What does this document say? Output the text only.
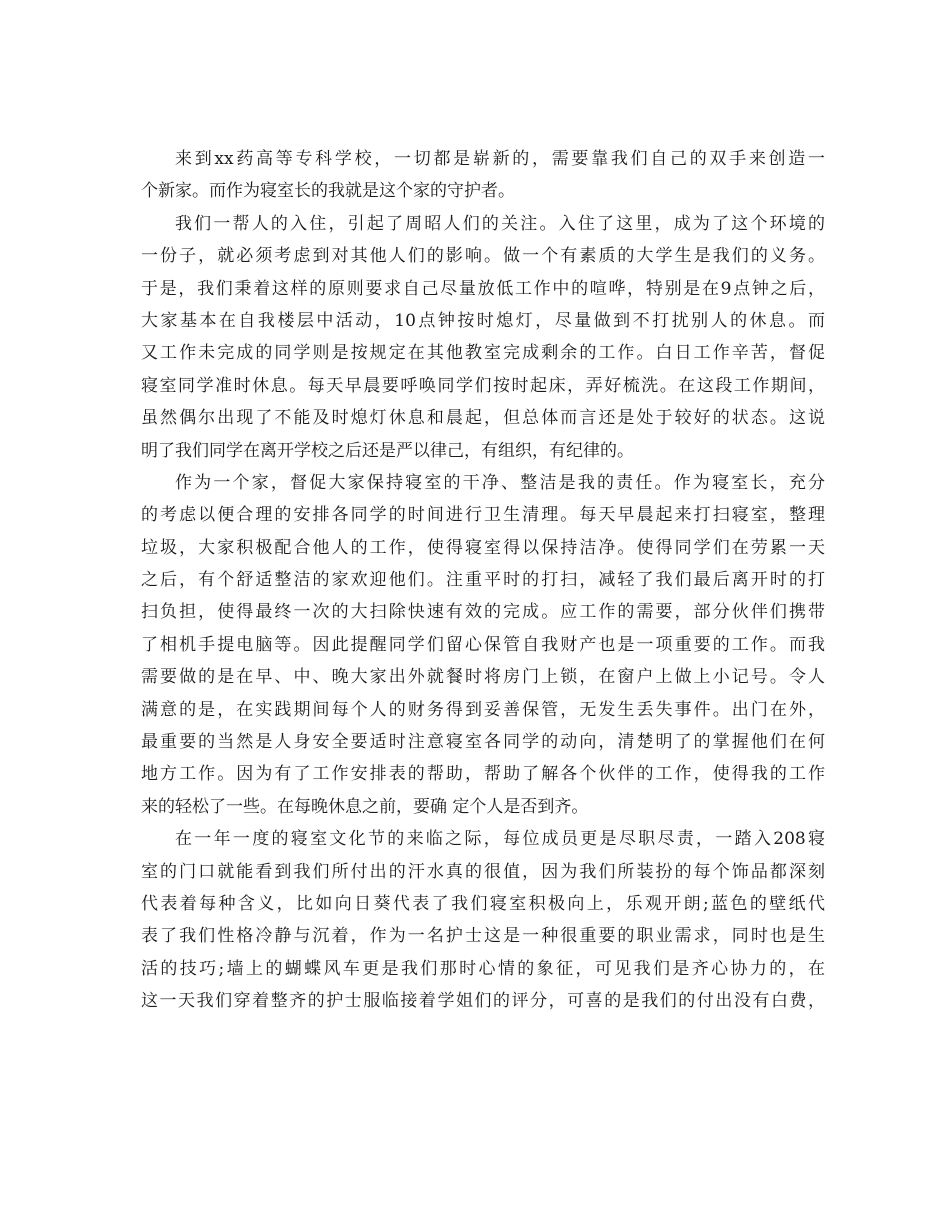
来到xx药高等专科学校，一切都是崭新的，需要靠我们自己的双手来创造一
个新家。而作为寝室长的我就是这个家的守护者。
我们一帮人的入住，引起了周昭人们的关注。入住了这里，成为了这个环境的
一份子，就必须考虑到对其他人们的影响。做一个有素质的大学生是我们的义务。
于是，我们秉着这样的原则要求自己尽量放低工作中的喧哗，特别是在9点钟之后，
大家基本在自我楼层中活动，10点钟按时熄灯，尽量做到不打扰别人的休息。而
又工作未完成的同学则是按规定在其他教室完成剩余的工作。白日工作辛苦，督促
寝室同学准时休息。每天早晨要呼唤同学们按时起床，弄好梳洗。在这段工作期间，
虽然偶尔出现了不能及时熄灯休息和晨起，但总体而言还是处于较好的状态。这说
明了我们同学在离开学校之后还是严以律己，有组织，有纪律的。
作为一个家，督促大家保持寝室的干净、整洁是我的责任。作为寝室长，充分
的考虑以便合理的安排各同学的时间进行卫生清理。每天早晨起来打扫寝室，整理
垃圾，大家积极配合他人的工作，使得寝室得以保持洁净。使得同学们在劳累一天
之后，有个舒适整洁的家欢迎他们。注重平时的打扫，减轻了我们最后离开时的打
扫负担，使得最终一次的大扫除快速有效的完成。应工作的需要，部分伙伴们携带
了相机手提电脑等。因此提醒同学们留心保管自我财产也是一项重要的工作。而我
需要做的是在早、中、晚大家出外就餐时将房门上锁，在窗户上做上小记号。令人
满意的是，在实践期间每个人的财务得到妥善保管，无发生丢失事件。出门在外，
最重要的当然是人身安全要适时注意寝室各同学的动向，清楚明了的掌握他们在何
地方工作。因为有了工作安排表的帮助，帮助了解各个伙伴的工作，使得我的工作
来的轻松了一些。在每晚休息之前，要确 定个人是否到齐。
在一年一度的寝室文化节的来临之际，每位成员更是尽职尽责，一踏入208寝
室的门口就能看到我们所付出的汗水真的很值，因为我们所装扮的每个饰品都深刻
代表着每种含义，比如向日葵代表了我们寝室积极向上，乐观开朗;蓝色的壁纸代
表了我们性格冷静与沉着，作为一名护士这是一种很重要的职业需求，同时也是生
活的技巧;墙上的蝴蝶风车更是我们那时心情的象征，可见我们是齐心协力的，在
这一天我们穿着整齐的护士服临接着学姐们的评分，可喜的是我们的付出没有白费，
